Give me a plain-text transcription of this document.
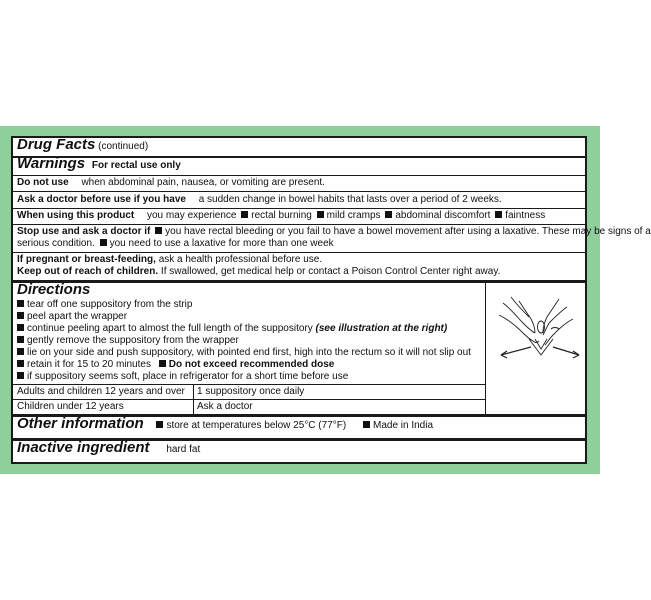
Drug Facts (continued)
Warnings For rectal use only
Do not use when abdominal pain, nausea, or vomiting are present.
Ask a doctor before use if you have a sudden change in bowel habits that lasts over a period of 2 weeks.
When using this product you may experience rectal burning mild cramps abdominal discomfort faintness
Stop use and ask a doctor if you have rectal bleeding or you fail to have a bowel movement after using a laxative. These may be signs of a
serious condition. you need to use a laxative for more than one week
If pregnant or breast-feeding, ask a health professional before use.
Keep out of reach of children. If swallowed, get medical help or contact a Poison Control Center right away.
Directions
tear off one suppository from the strip
peel apart the wrapper
continue peeling apart to almost the full length of the suppository (see illustration at the right)
gently remove the suppository from the wrapper
lie on your side and push suppository, with pointed end first, high into the rectum so it will not slip out
retain it for 15 to 20 minutes Do not exceed recommended dose
if suppository seems soft, place in refrigerator for a short time before use
Adults and children 12 years and over	1 suppository once daily
Children under 12 years	Ask a doctor
Other information store at temperatures below 25°C (77°F)	Made in India
Inactive ingredient hard fat
